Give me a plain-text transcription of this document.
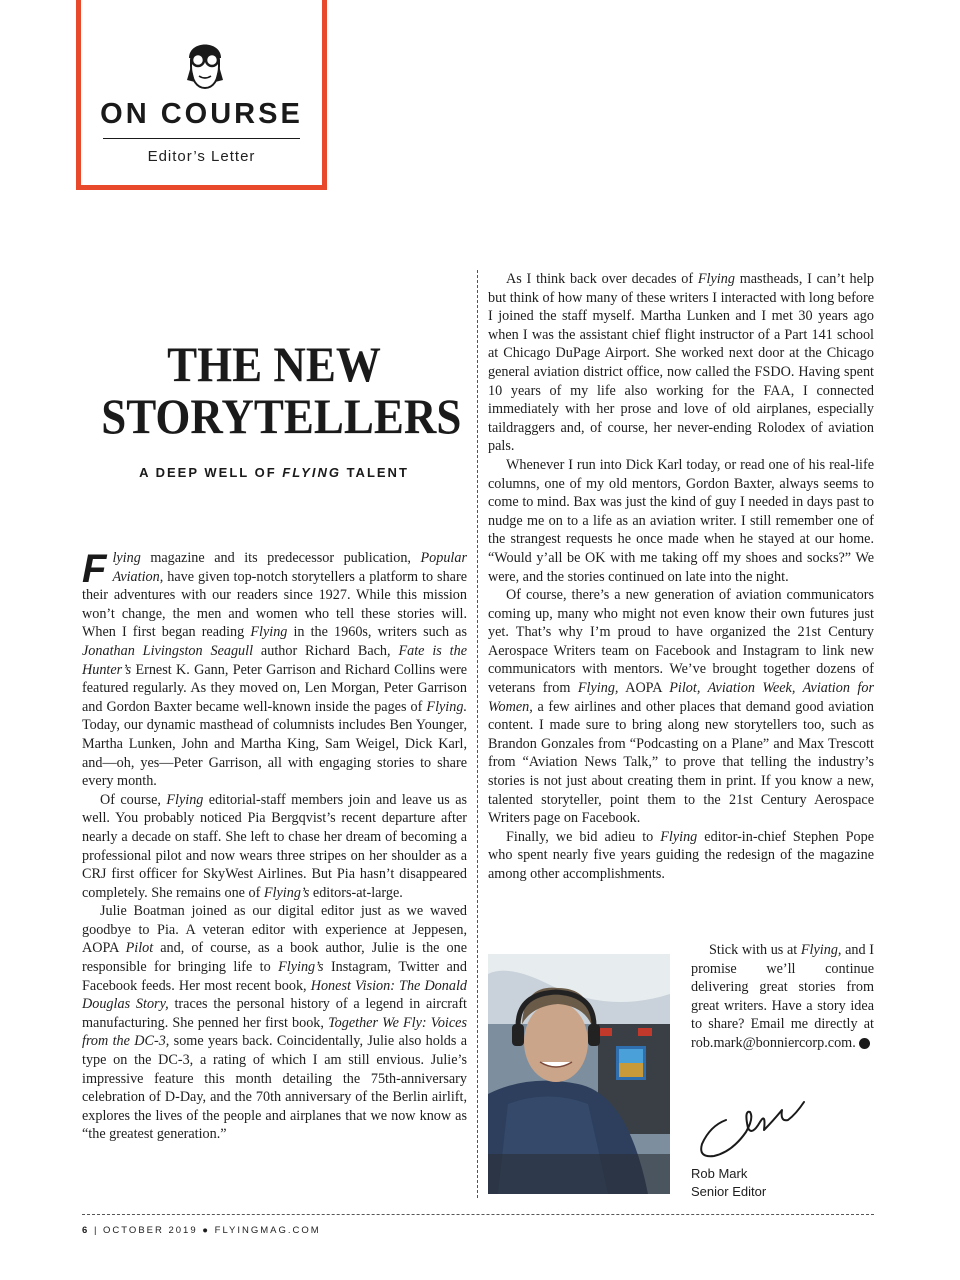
ON COURSE
Editor’s Letter
THE NEW
STORYTELLERS
A DEEP WELL OF FLYING TALENT

Flying magazine and its predecessor publication, Popular Aviation, have given top-notch storytellers a platform to share their adventures with our readers since 1927. While this mission won’t change, the men and women who tell these stories will. When I first began reading Flying in the 1960s, writers such as Jonathan Livingston Seagull author Richard Bach, Fate is the Hunter’s Ernest K. Gann, Peter Garrison and Richard Collins were featured regularly. As they moved on, Len Morgan, Peter Garrison and Gordon Baxter became well-known inside the pages of Flying. Today, our dynamic masthead of columnists includes Ben Younger, Martha Lunken, John and Martha King, Sam Weigel, Dick Karl, and—oh, yes—Peter Garrison, all with engaging stories to share every month.

Of course, Flying editorial-staff members join and leave us as well. You probably noticed Pia Bergqvist’s recent departure after nearly a decade on staff. She left to chase her dream of becoming a professional pilot and now wears three stripes on her shoulder as a CRJ first officer for SkyWest Airlines. But Pia hasn’t disappeared completely. She remains one of Flying’s editors-at-large.

Julie Boatman joined as our digital editor just as we waved goodbye to Pia. A veteran editor with experience at Jeppesen, AOPA Pilot and, of course, as a book author, Julie is the one responsible for bringing life to Flying’s Instagram, Twitter and Facebook feeds. Her most recent book, Honest Vision: The Donald Douglas Story, traces the personal history of a legend in aircraft manufacturing. She penned her first book, Together We Fly: Voices from the DC-3, some years back. Coincidentally, Julie also holds a type on the DC-3, a rating of which I am still envious. Julie’s impressive feature this month detailing the 75th-anniversary celebration of D-Day, and the 70th anniversary of the Berlin airlift, explores the lives of the people and airplanes that we now know as “the greatest generation.”

As I think back over decades of Flying mastheads, I can’t help but think of how many of these writers I interacted with long before I joined the staff myself. Martha Lunken and I met 30 years ago when I was the assistant chief flight instructor of a Part 141 school at Chicago DuPage Airport. She worked next door at the Chicago general aviation district office, now called the FSDO. Having spent 10 years of my life also working for the FAA, I connected immediately with her prose and love of old airplanes, especially taildraggers and, of course, her never-ending Rolodex of aviation pals.

Whenever I run into Dick Karl today, or read one of his real-life columns, one of my old mentors, Gordon Baxter, always seems to come to mind. Bax was just the kind of guy I needed in days past to nudge me on to a life as an aviation writer. I still remember one of the strangest requests he once made when he stayed at our home. “Would y’all be OK with me taking off my shoes and socks?” We were, and the stories continued on late into the night.

Of course, there’s a new generation of aviation communicators coming up, many who might not even know their own futures just yet. That’s why I’m proud to have organized the 21st Century Aerospace Writers team on Facebook and Instagram to link new communicators with mentors. We’ve brought together dozens of veterans from Flying, AOPA Pilot, Aviation Week, Aviation for Women, a few airlines and other places that demand good aviation content. I made sure to bring along new storytellers too, such as Brandon Gonzales from “Podcasting on a Plane” and Max Trescott from “Aviation News Talk,” to prove that telling the industry’s stories is not just about creating them in print. If you know a new, talented storyteller, point them to the 21st Century Aerospace Writers page on Facebook.

Finally, we bid adieu to Flying editor-in-chief Stephen Pope who spent nearly five years guiding the redesign of the magazine among other accomplishments.

Stick with us at Flying, and I promise we’ll continue delivering great stories from great writers. Have a story idea to share? Email me directly at rob.mark@bonniercorp.com.	F

Rob Mark
Senior Editor
6 | OCTOBER 2019 ● FLYINGMAG.COM
